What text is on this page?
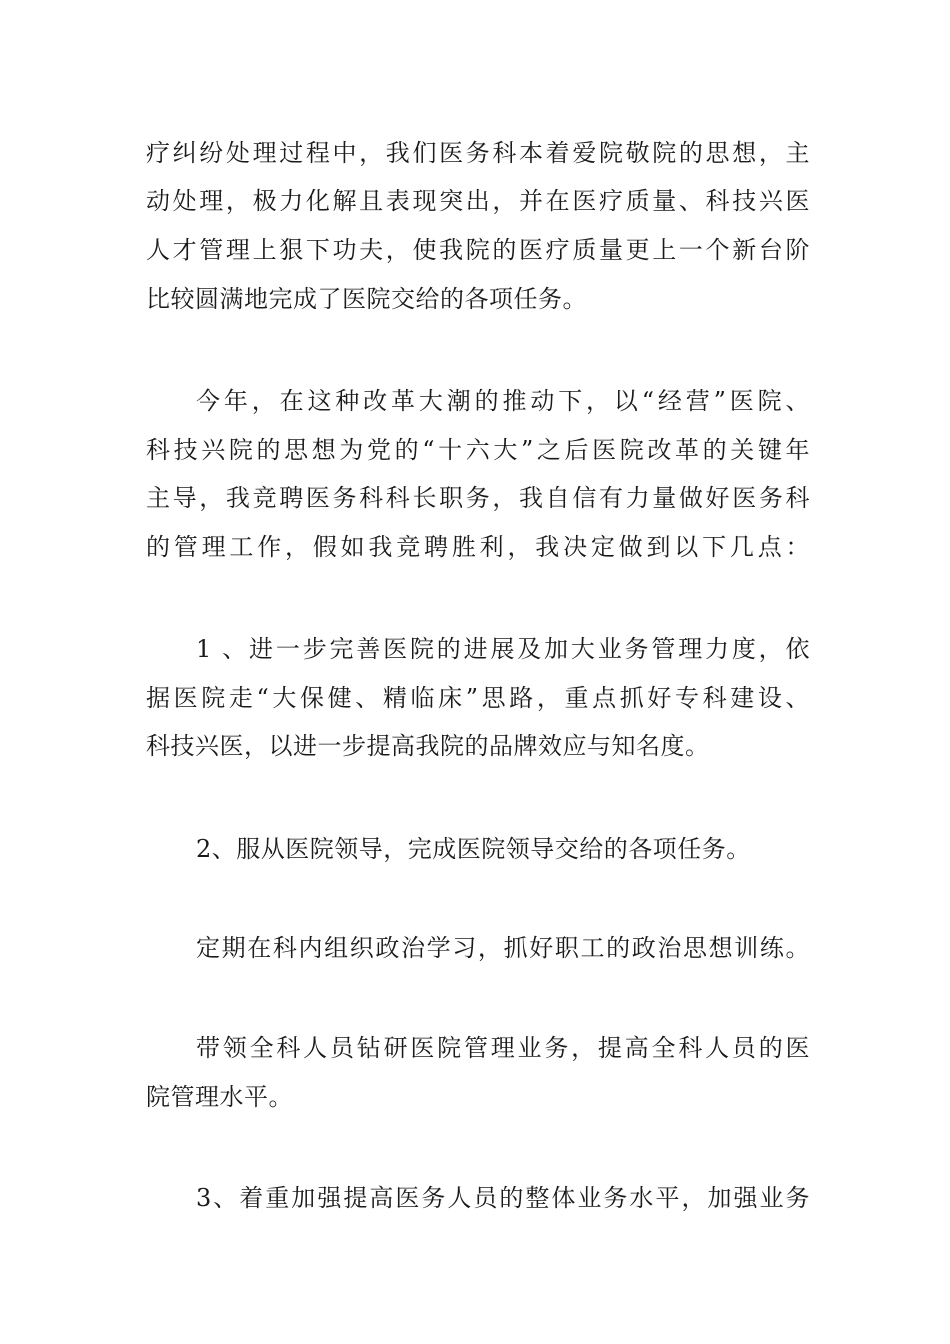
疗纠纷处理过程中，我们医务科本着爱院敬院的思想，主
动处理，极力化解且表现突出，并在医疗质量、科技兴医
人才管理上狠下功夫，使我院的医疗质量更上一个新台阶
比较圆满地完成了医院交给的各项任务。
今年，在这种改革大潮的推动下，以“经营”医院、
科技兴院的思想为党的“十六大”之后医院改革的关键年
主导，我竞聘医务科科长职务，我自信有力量做好医务科
的管理工作，假如我竞聘胜利，我决定做到以下几点：
1 、进一步完善医院的进展及加大业务管理力度，依
据医院走“大保健、精临床”思路，重点抓好专科建设、
科技兴医，以进一步提高我院的品牌效应与知名度。
2、服从医院领导，完成医院领导交给的各项任务。
定期在科内组织政治学习，抓好职工的政治思想训练。
带领全科人员钻研医院管理业务，提高全科人员的医
院管理水平。
3、着重加强提高医务人员的整体业务水平，加强业务
